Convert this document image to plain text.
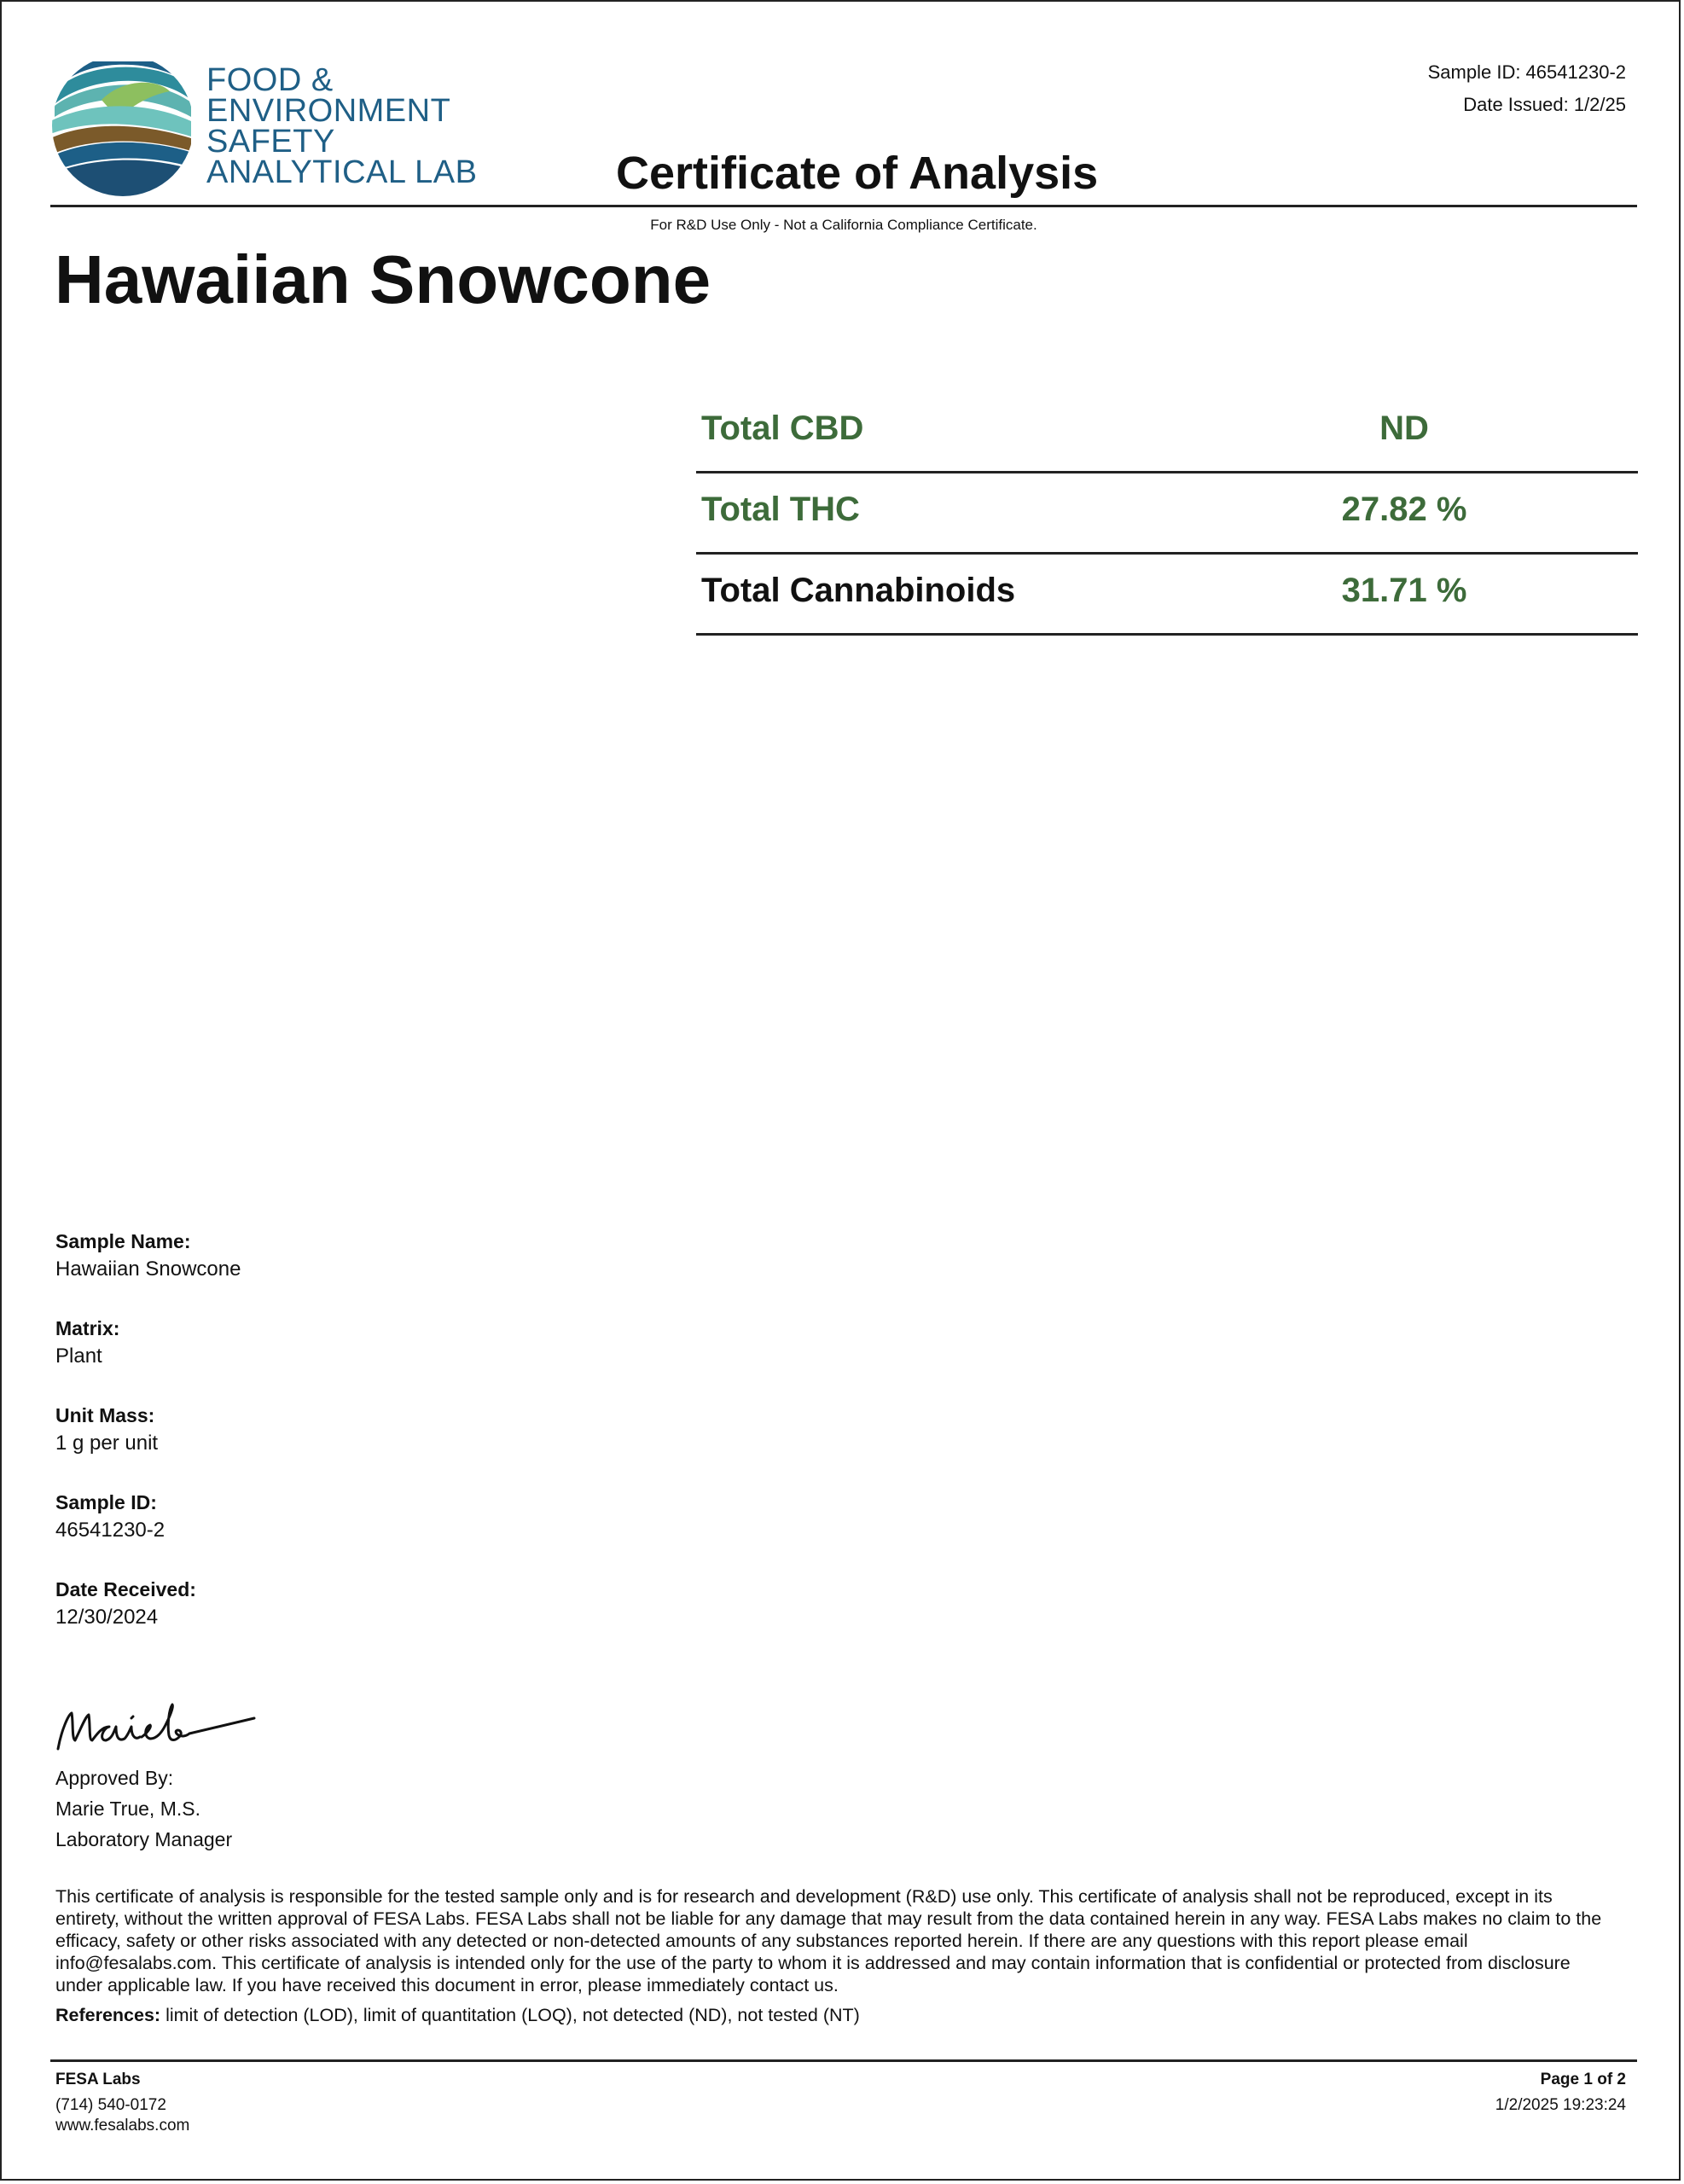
FOOD &
ENVIRONMENT
SAFETY
ANALYTICAL LAB
Sample ID: 46541230-2
Date Issued: 1/2/25
Certificate of Analysis
For R&D Use Only - Not a California Compliance Certificate.
Hawaiian Snowcone
Total CBD	ND
Total THC	27.82 %
Total Cannabinoids	31.71 %
Sample Name:
Hawaiian Snowcone
Matrix:
Plant
Unit Mass:
1 g per unit
Sample ID:
46541230-2
Date Received:
12/30/2024
Approved By:
Marie True, M.S.
Laboratory Manager
This certificate of analysis is responsible for the tested sample only and is for research and development (R&D) use only. This certificate of analysis shall not be reproduced, except in its entirety, without the written approval of FESA Labs. FESA Labs shall not be liable for any damage that may result from the data contained herein in any way. FESA Labs makes no claim to the efficacy, safety or other risks associated with any detected or non-detected amounts of any substances reported herein. If there are any questions with this report please email info@fesalabs.com. This certificate of analysis is intended only for the use of the party to whom it is addressed and may contain information that is confidential or protected from disclosure under applicable law. If you have received this document in error, please immediately contact us.
References: limit of detection (LOD), limit of quantitation (LOQ), not detected (ND), not tested (NT)
FESA Labs
(714) 540-0172
www.fesalabs.com
Page 1 of 2
1/2/2025 19:23:24
